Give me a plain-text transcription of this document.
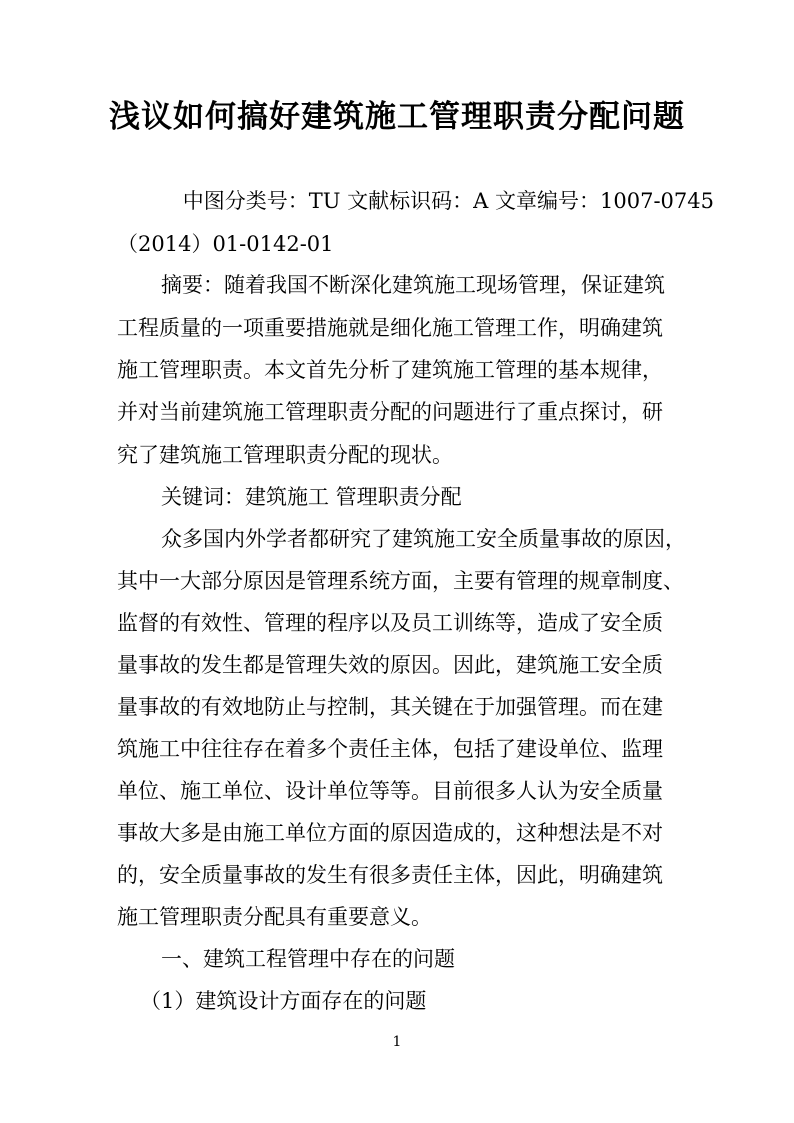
浅议如何搞好建筑施工管理职责分配问题
中图分类号：TU 文献标识码：A 文章编号：1007-0745
（2014）01-0142-01
　摘要：随着我国不断深化建筑施工现场管理，保证建筑
工程质量的一项重要措施就是细化施工管理工作，明确建筑
施工管理职责。本文首先分析了建筑施工管理的基本规律，
并对当前建筑施工管理职责分配的问题进行了重点探讨，研
究了建筑施工管理职责分配的现状。
　关键词：建筑施工 管理职责分配
　众多国内外学者都研究了建筑施工安全质量事故的原因，
其中一大部分原因是管理系统方面，主要有管理的规章制度、
监督的有效性、管理的程序以及员工训练等，造成了安全质
量事故的发生都是管理失效的原因。因此，建筑施工安全质
量事故的有效地防止与控制，其关键在于加强管理。而在建
筑施工中往往存在着多个责任主体，包括了建设单位、监理
单位、施工单位、设计单位等等。目前很多人认为安全质量
事故大多是由施工单位方面的原因造成的，这种想法是不对
的，安全质量事故的发生有很多责任主体，因此，明确建筑
施工管理职责分配具有重要意义。
　一、建筑工程管理中存在的问题
（1）建筑设计方面存在的问题
1
